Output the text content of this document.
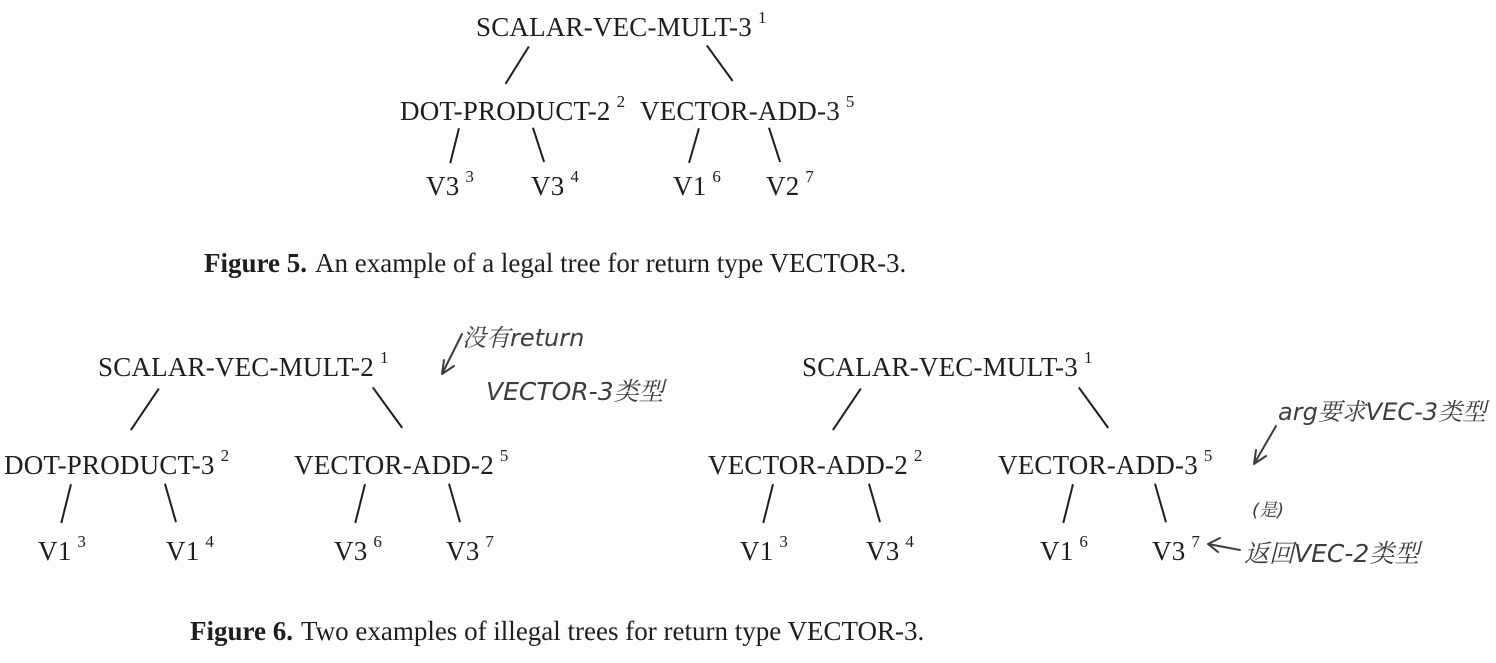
SCALAR-VEC-MULT-3 $^1$
DOT-PRODUCT-2 $^2$ VECTOR-ADD-3 $^5$
V3 $^3$ V3 $^4$	V1 $^6$ V2 $^7$
Figure 5. An example of a legal tree for return type VECTOR-3.
SCALAR-VEC-MULT-2 $^1$
DOT-PRODUCT-3 $^2$ VECTOR-ADD-2 $^5$
V1 $^3$	V1 $^4$	V3 $^6$ V3 $^7$
SCALAR-VEC-MULT-3 $^1$
VECTOR-ADD-2 $^2$	VECTOR-ADD-3 $^5$
V1 $^3$	V3 $^4$	V1 $^6$ V3 $^7$
没有return
VECTOR-3类型
arg要求VEC-3类型
(是)
返回VEC-2类型
Figure 6. Two examples of illegal trees for return type VECTOR-3.
